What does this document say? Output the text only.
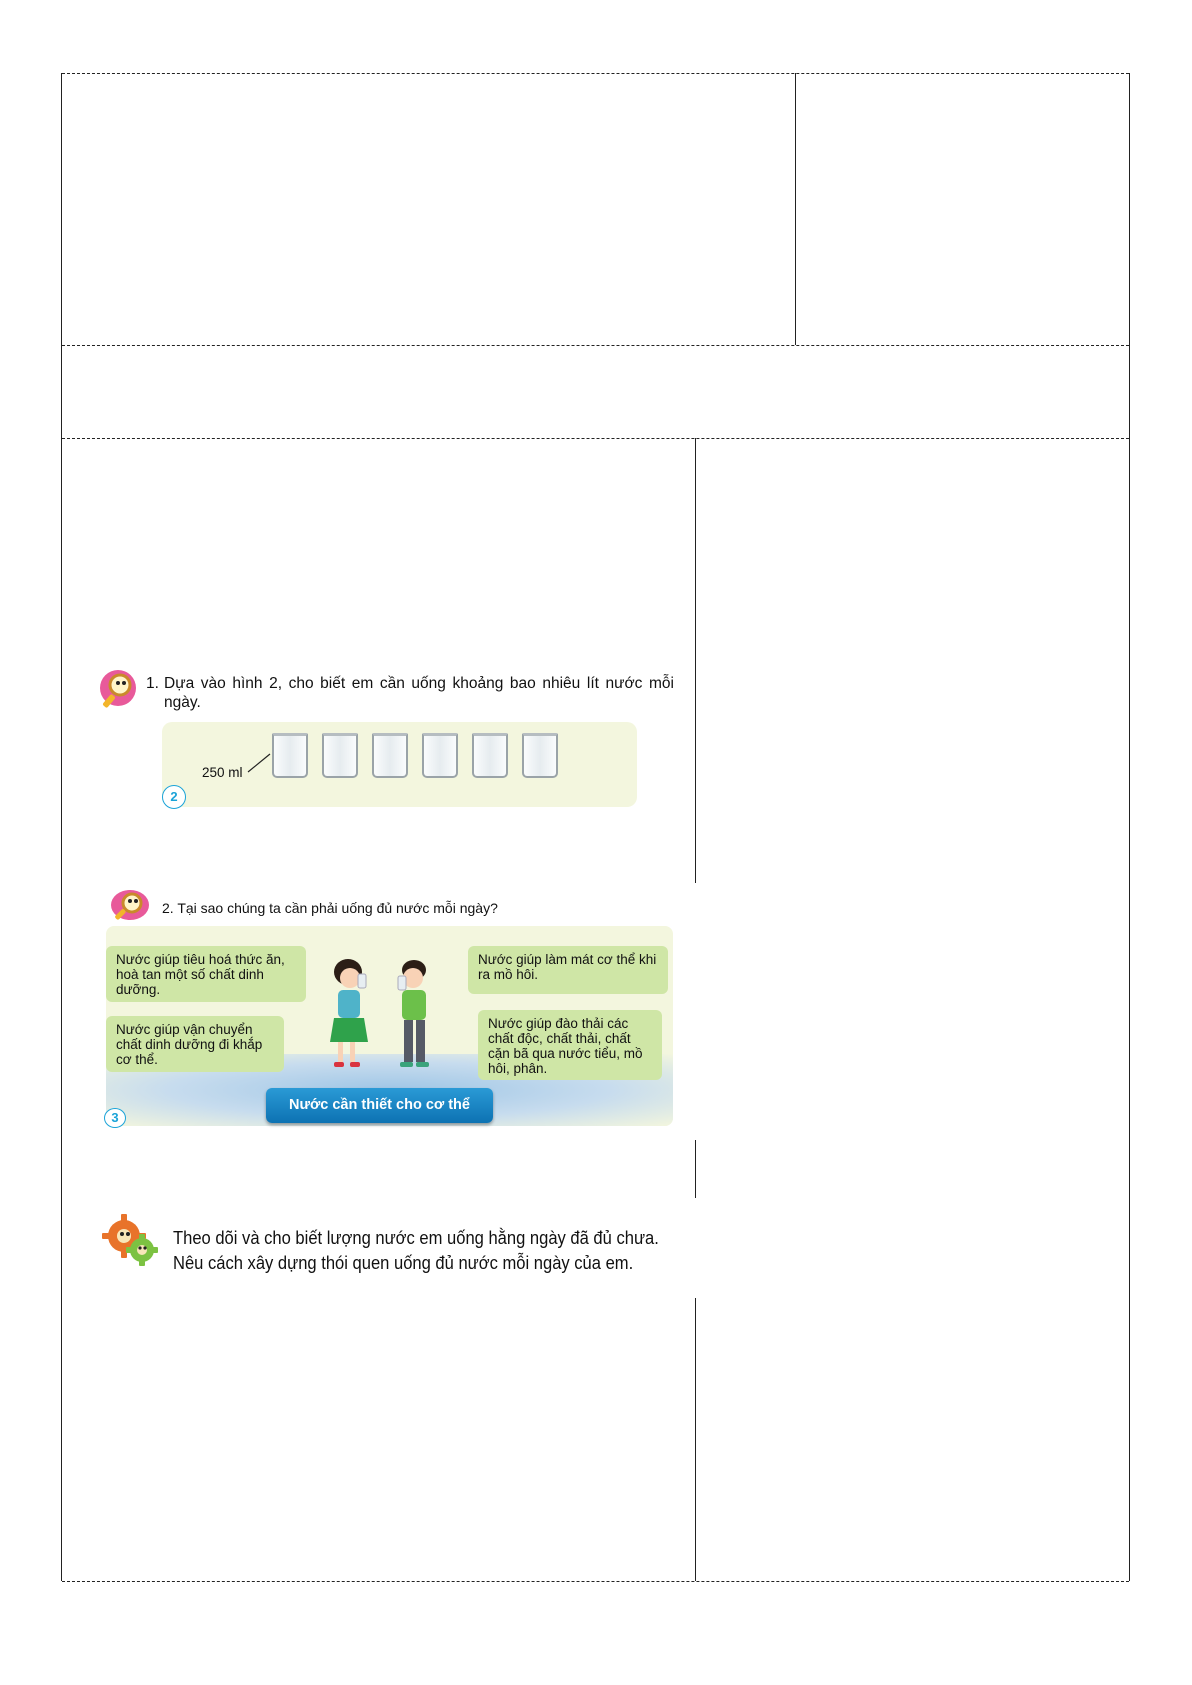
1. Dựa vào hình 2, cho biết em cần uống khoảng bao nhiêu lít nước mỗi ngày.
250 ml
2
2. Tại sao chúng ta cần phải uống đủ nước mỗi ngày?
Nước giúp tiêu hoá thức ăn, hoà tan một số chất dinh dưỡng.
Nước giúp vận chuyển chất dinh dưỡng đi khắp cơ thể.
Nước giúp làm mát cơ thể khi ra mồ hôi.
Nước giúp đào thải các chất độc, chất thải, chất cặn bã qua nước tiểu, mồ hôi, phân.
Nước cần thiết cho cơ thể
3
Theo dõi và cho biết lượng nước em uống hằng ngày đã đủ chưa.
Nêu cách xây dựng thói quen uống đủ nước mỗi ngày của em.
